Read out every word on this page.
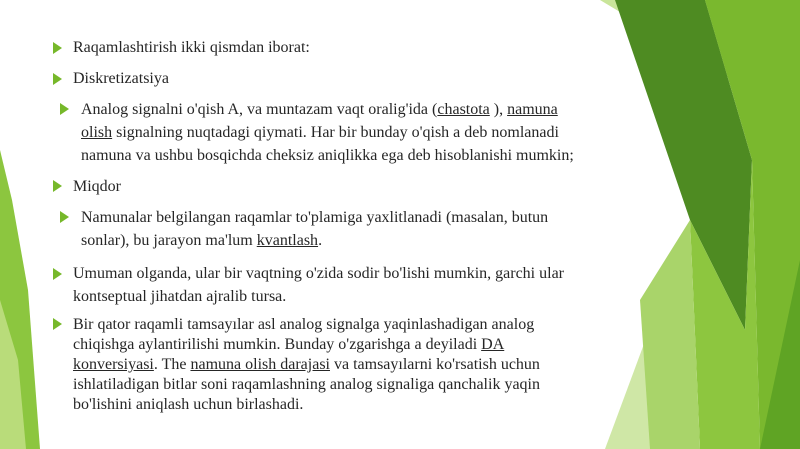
Raqamlashtirish ikki qismdan iborat:
Diskretizatsiya
Analog signalni o'qish A, va muntazam vaqt oralig'ida (chastota ), namuna
olish signalning nuqtadagi qiymati. Har bir bunday o'qish a deb nomlanadi
namuna va ushbu bosqichda cheksiz aniqlikka ega deb hisoblanishi mumkin;
Miqdor
Namunalar belgilangan raqamlar to'plamiga yaxlitlanadi (masalan, butun
sonlar), bu jarayon ma'lum kvantlash.
Umuman olganda, ular bir vaqtning o'zida sodir bo'lishi mumkin, garchi ular
kontseptual jihatdan ajralib tursa.
Bir qator raqamli tamsayılar asl analog signalga yaqinlashadigan analog
chiqishga aylantirilishi mumkin. Bunday o'zgarishga a deyiladi DA
konversiyasi. The namuna olish darajasi va tamsayılarni ko'rsatish uchun
ishlatiladigan bitlar soni raqamlashning analog signaliga qanchalik yaqin
bo'lishini aniqlash uchun birlashadi.
